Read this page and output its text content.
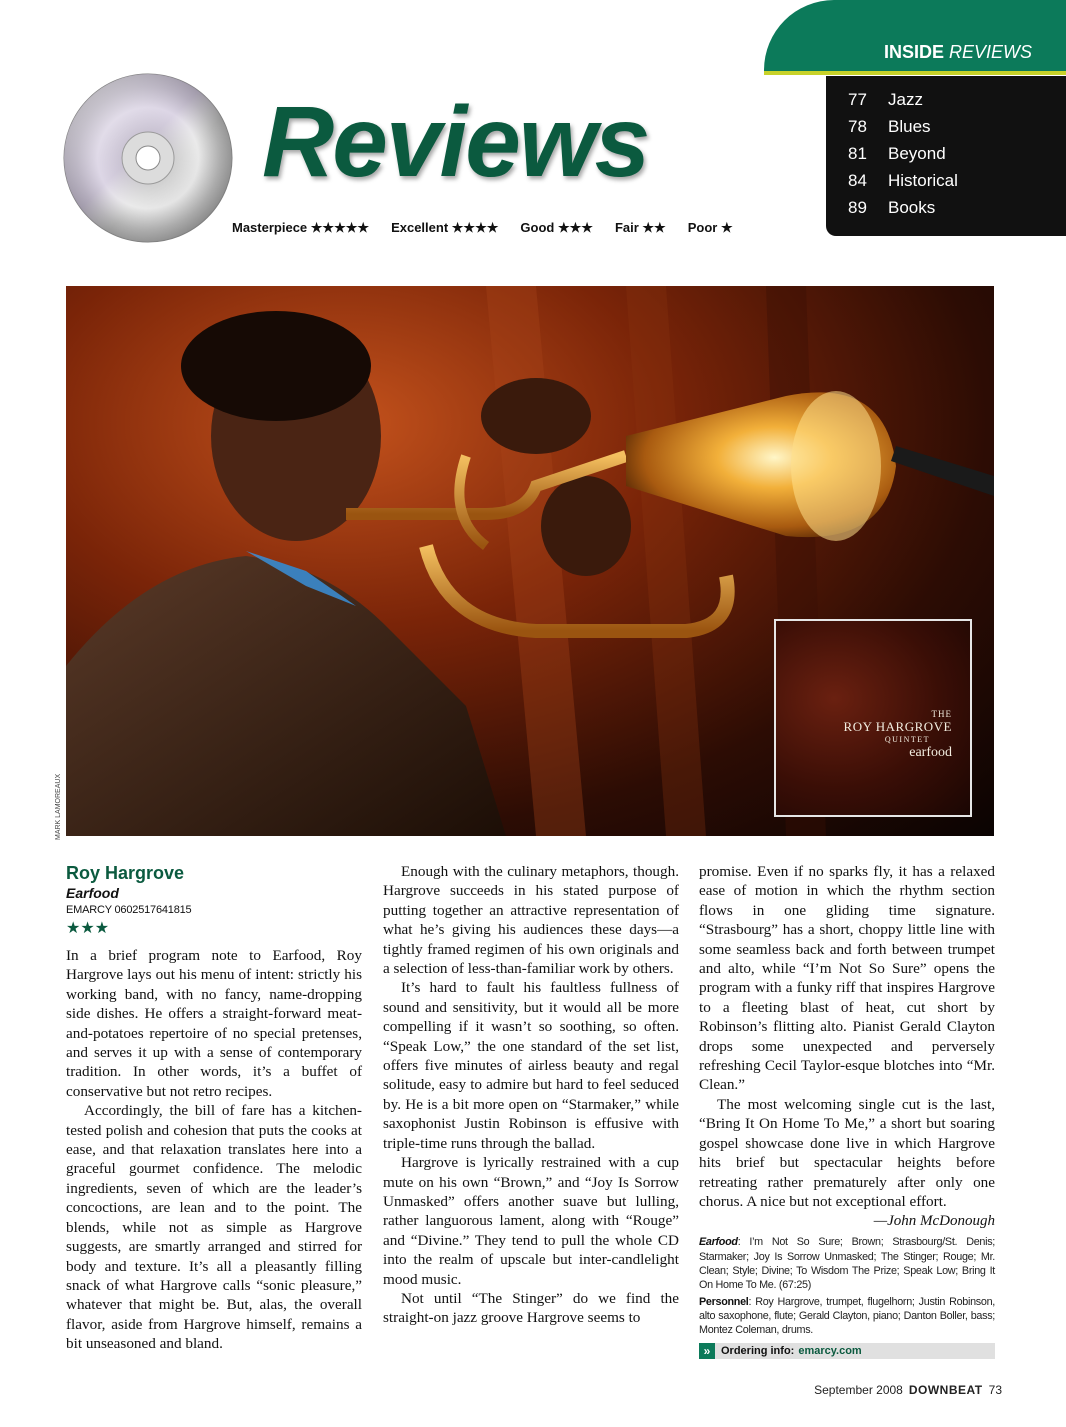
Reviews
Masterpiece ★★★★★ Excellent ★★★★ Good ★★★ Fair ★★ Poor ★
INSIDE REVIEWS
77	Jazz
78	Blues
81	Beyond
84	Historical
89	Books
THE
ROY HARGROVE
QUINTET
earfood
MARK LAMOREAUX
Roy Hargrove
Earfood
EMARCY 0602517641815
★★★

In a brief program note to Earfood, Roy Hargrove lays out his menu of intent: strictly his working band, with no fancy, name-dropping side dishes. He offers a straight-forward meat-and-potatoes repertoire of no special pretenses, and serves it up with a sense of contemporary tradition. In other words, it’s a buffet of conservative but not retro recipes.

Accordingly, the bill of fare has a kitchen-tested polish and cohesion that puts the cooks at ease, and that relaxation translates here into a graceful gourmet confidence. The melodic ingredients, seven of which are the leader’s concoctions, are lean and to the point. The blends, while not as simple as Hargrove suggests, are smartly arranged and stirred for body and texture. It’s all a pleasantly filling snack of what Hargrove calls “sonic pleasure,” whatever that might be. But, alas, the overall flavor, aside from Hargrove himself, remains a bit unseasoned and bland.

Enough with the culinary metaphors, though. Hargrove succeeds in his stated purpose of putting together an attractive representation of what he’s giving his audiences these days—a tightly framed regimen of his own originals and a selection of less-than-familiar work by others.

It’s hard to fault his faultless fullness of sound and sensitivity, but it would all be more compelling if it wasn’t so soothing, so often. “Speak Low,” the one standard of the set list, offers five minutes of airless beauty and regal solitude, easy to admire but hard to feel seduced by. He is a bit more open on “Starmaker,” while saxophonist Justin Robinson is effusive with triple-time runs through the ballad.

Hargrove is lyrically restrained with a cup mute on his own “Brown,” and “Joy Is Sorrow Unmasked” offers another suave but lulling, rather languorous lament, along with “Rouge” and “Divine.” They tend to pull the whole CD into the realm of upscale but inter-candlelight mood music.

Not until “The Stinger” do we find the straight-on jazz groove Hargrove seems to

promise. Even if no sparks fly, it has a relaxed ease of motion in which the rhythm section flows in one gliding time signature. “Strasbourg” has a short, choppy little line with some seamless back and forth between trumpet and alto, while “I’m Not So Sure” opens the program with a funky riff that inspires Hargrove to a fleeting blast of heat, cut short by Robinson’s flitting alto. Pianist Gerald Clayton drops some unexpected and perversely refreshing Cecil Taylor-esque blotches into “Mr. Clean.”

The most welcoming single cut is the last, “Bring It On Home To Me,” a short but soaring gospel showcase done live in which Hargrove hits brief but spectacular heights before retreating rather prematurely after only one chorus. A nice but not exceptional effort.

—John McDonough
Earfood: I’m Not So Sure; Brown; Strasbourg/St. Denis; Starmaker; Joy Is Sorrow Unmasked; The Stinger; Rouge; Mr. Clean; Style; Divine; To Wisdom The Prize; Speak Low; Bring It On Home To Me. (67:25)
Personnel: Roy Hargrove, trumpet, flugelhorn; Justin Robinson, alto saxophone, flute; Gerald Clayton, piano; Danton Boller, bass; Montez Coleman, drums.
» Ordering info: emarcy.com
September 2008 DOWNBEAT 73
